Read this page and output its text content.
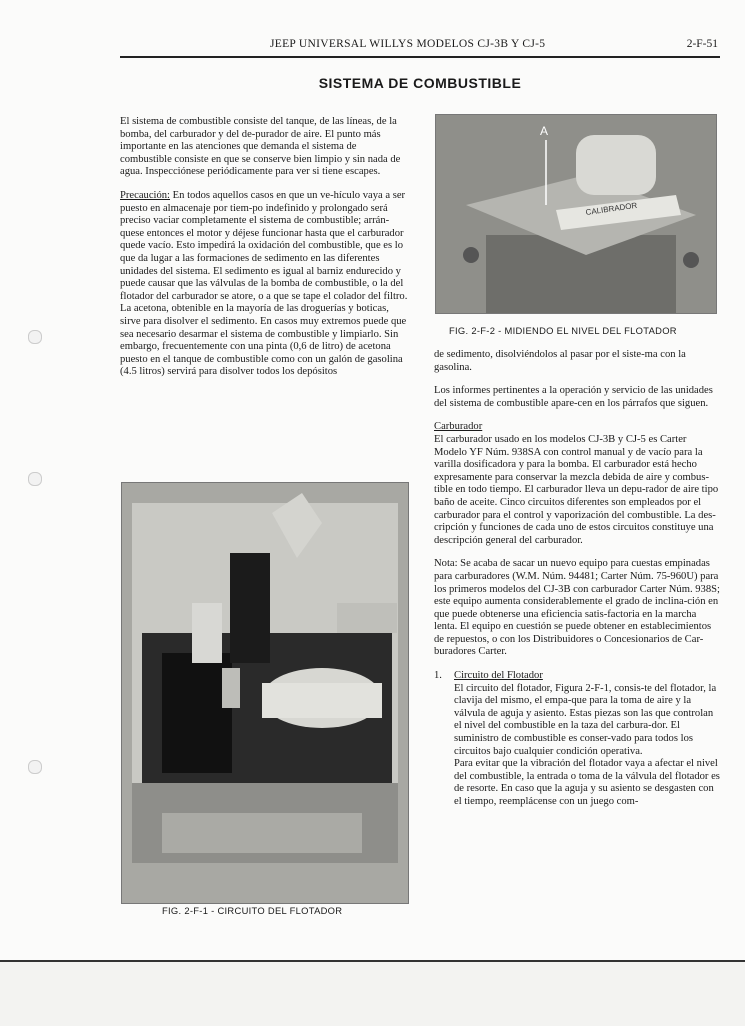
JEEP UNIVERSAL WILLYS MODELOS CJ-3B Y CJ-5	2-F-51
SISTEMA DE COMBUSTIBLE

El sistema de combustible consiste del tanque, de las líneas, de la bomba, del carburador y del de-purador de aire. El punto más importante en las atenciones que demanda el sistema de combustible consiste en que se conserve bien limpio y sin nada de agua. Inspecciónese periódicamente para ver si tiene escapes.

Precaución: En todos aquellos casos en que un ve-hículo vaya a ser puesto en almacenaje por tiem-po indefinido y prolongado será preciso vaciar completamente el sistema de combustible; arrán-quese entonces el motor y déjese funcionar hasta que el carburador quede vacío. Esto impedirá la oxidación del combustible, que es lo que da lugar a las formaciones de sedimento en las diferentes unidades del sistema. El sedimento es igual al barniz endurecido y puede causar que las válvulas de la bomba de combustible, o la del flotador del carburador se atore, o a que se tape el colador del filtro. La acetona, obtenible en la mayoría de las droguerías y boticas, sirve para disolver el sedimento. En casos muy extremos puede que sea necesario desarmar el sistema de combustible y limpiarlo. Sin embargo, frecuentemente con una pinta (0,6 de litro) de acetona puesto en el tanque de combustible como con un galón de gasolina (4.5 litros) servirá para disolver todos los depósitos

FIG. 2-F-1 - CIRCUITO DEL FLOTADOR
CALIBRADOR
A
FIG. 2-F-2 - MIDIENDO EL NIVEL DEL FLOTADOR

de sedimento, disolviéndolos al pasar por el siste-ma con la gasolina.

Los informes pertinentes a la operación y servicio de las unidades del sistema de combustible apare-cen en los párrafos que siguen.

Carburador

El carburador usado en los modelos CJ-3B y CJ-5 es Carter Modelo YF Núm. 938SA con control manual y de vacío para la varilla dosificadora y para la bomba. El carburador está hecho expresamente para conservar la mezcla debida de aire y combus-tible en todo tiempo. El carburador lleva un depu-rador de aire tipo baño de aceite. Cinco circuitos diferentes son empleados por el carburador para el control y vaporización del combustible. La des-cripción y funciones de cada uno de estos circuitos constituye una descripción general del carburador.

Nota: Se acaba de sacar un nuevo equipo para cuestas empinadas para carburadores (W.M. Núm. 94481; Carter Núm. 75-960U) para los primeros modelos del CJ-3B con carburador Carter Núm. 938S; este equipo aumenta considerablemente el grado de inclina-ción en que puede obtenerse una eficiencia satis-factoria en la marcha lenta. El equipo en cuestión se puede obtener en establecimientos de repuestos, o con los Distribuidores o Concesionarios de Car-buradores Carter.

1. Circuito del Flotador
El circuito del flotador, Figura 2-F-1, consis-te del flotador, la clavija del mismo, el empa-que para la toma de aire y la válvula de aguja y asiento. Estas piezas son las que controlan el nivel del combustible en la taza del carbura-dor. El suministro de combustible es conser-vado para todos los circuitos bajo cualquier condición operativa.
Para evitar que la vibración del flotador vaya a afectar el nivel del combustible, la entrada o toma de la válvula del flotador es de resorte. En caso que la aguja y su asiento se desgasten con el tiempo, reemplácense con un juego com-
